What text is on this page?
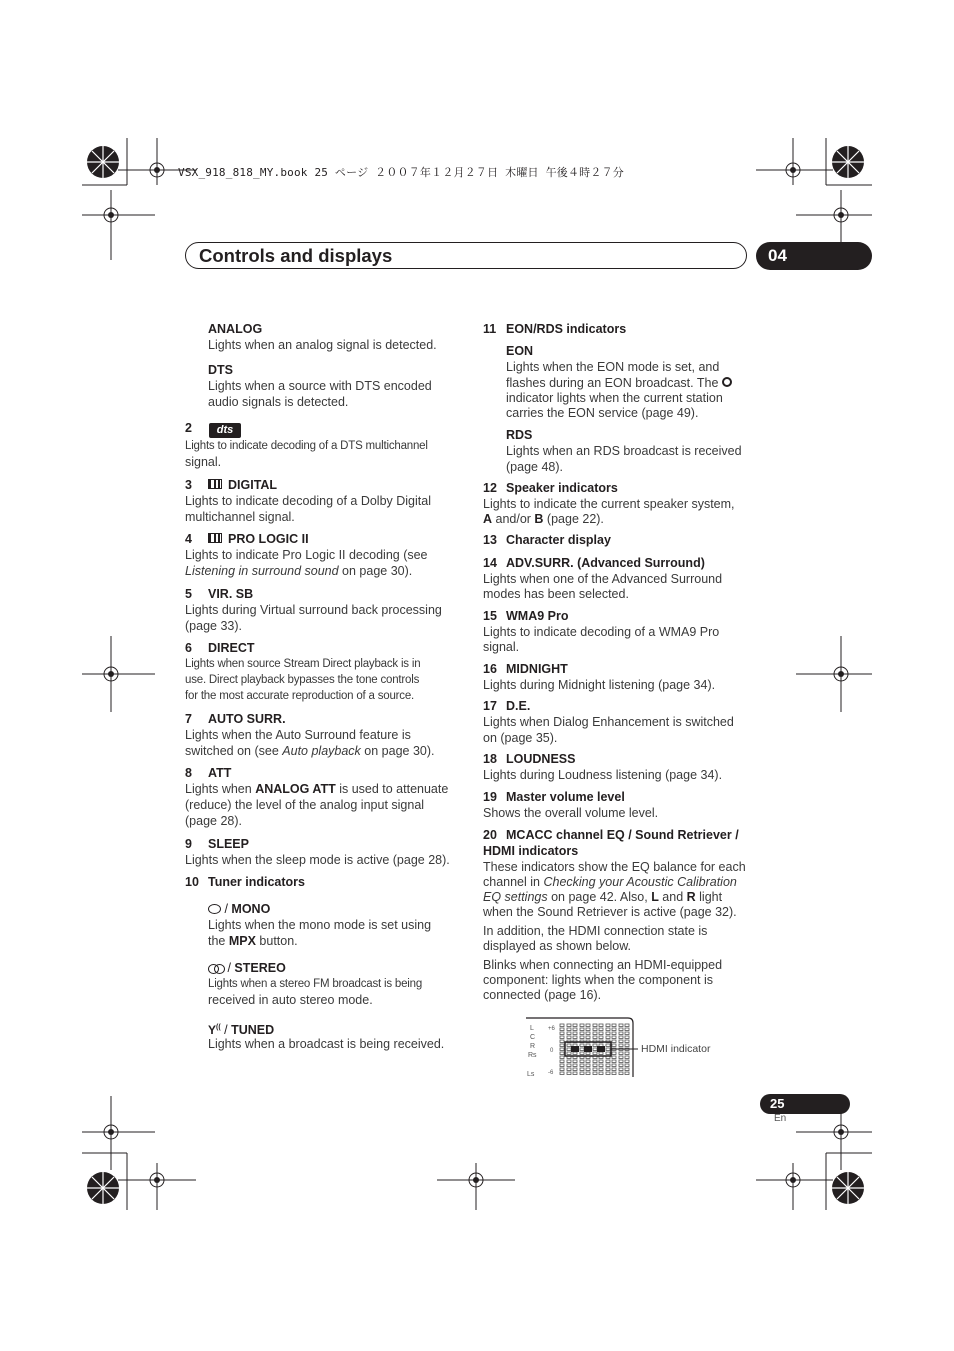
VSX_918_818_MY.book 25 ページ ２００７年１２月２７日 木曜日 午後４時２７分
Controls and displays	04
ANALOG
Lights when an analog signal is detected.
DTS
Lights when a source with DTS encoded
audio signals is detected.
2	dts
Lights to indicate decoding of a DTS multichannel
signal.
3	DIGITAL
Lights to indicate decoding of a Dolby Digital
multichannel signal.
4	PRO LOGIC II
Lights to indicate Pro Logic II decoding (see
Listening in surround sound on page 30).
5 VIR. SB
Lights during Virtual surround back processing
(page 33).
6 DIRECT
Lights when source Stream Direct playback is in
use. Direct playback bypasses the tone controls
for the most accurate reproduction of a source.
7 AUTO SURR.
Lights when the Auto Surround feature is
switched on (see Auto playback on page 30).
8 ATT
Lights when ANALOG ATT is used to attenuate
(reduce) the level of the analog input signal
(page 28).
9 SLEEP
Lights when the sleep mode is active (page 28).
10 Tuner indicators
/ MONO
Lights when the mono mode is set using
the MPX button.
/ STEREO
Lights when a stereo FM broadcast is being
received in auto stereo mode.
Y(( / TUNED
Lights when a broadcast is being received.
11 EON/RDS indicators
EON
Lights when the EON mode is set, and
flashes during an EON broadcast. The
indicator lights when the current station
carries the EON service (page 49).
RDS
Lights when an RDS broadcast is received
(page 48).
12 Speaker indicators
Lights to indicate the current speaker system,
A and/or B (page 22).
13 Character display
14 ADV.SURR. (Advanced Surround)
Lights when one of the Advanced Surround
modes has been selected.
15 WMA9 Pro
Lights to indicate decoding of a WMA9 Pro
signal.
16 MIDNIGHT
Lights during Midnight listening (page 34).
17 D.E.
Lights when Dialog Enhancement is switched
on (page 35).
18 LOUDNESS
Lights during Loudness listening (page 34).
19 Master volume level
Shows the overall volume level.
20 MCACC channel EQ / Sound Retriever /
HDMI indicators
These indicators show the EQ balance for each
channel in Checking your Acoustic Calibration
EQ settings on page 42. Also, L and R light
when the Sound Retriever is active (page 32).
In addition, the HDMI connection state is
displayed as shown below.
Blinks when connecting an HDMI-equipped
component: lights when the component is
connected (page 16).
L
C
R
Rs
Ls
+6
0
-6
HDMI indicator
25
En
